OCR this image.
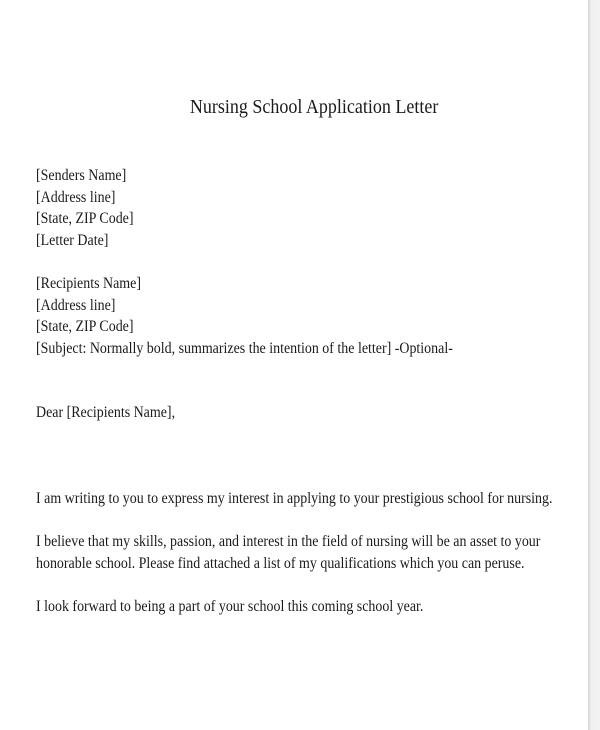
Nursing School Application Letter
[Senders Name]
[Address line]
[State, ZIP Code]
[Letter Date]
[Recipients Name]
[Address line]
[State, ZIP Code]
[Subject: Normally bold, summarizes the intention of the letter] -Optional-
Dear [Recipients Name],
I am writing to you to express my interest in applying to your prestigious school for nursing.
I believe that my skills, passion, and interest in the field of nursing will be an asset to your
honorable school. Please find attached a list of my qualifications which you can peruse.
I look forward to being a part of your school this coming school year.
